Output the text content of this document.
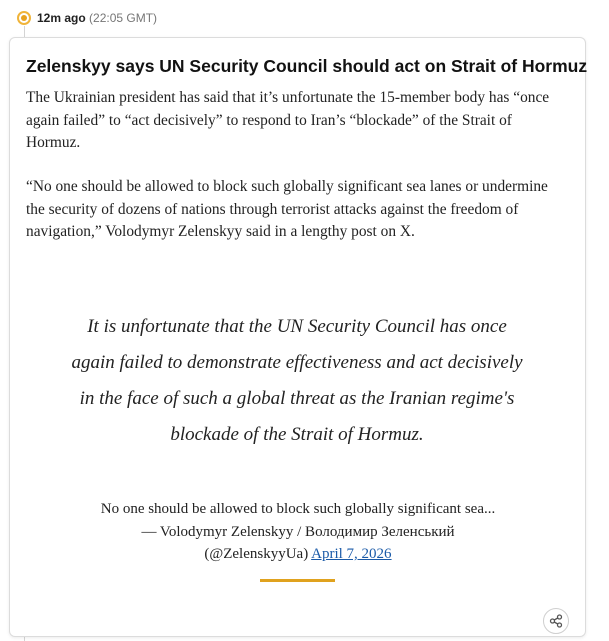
12m ago (22:05 GMT)
Zelenskyy says UN Security Council should act on Strait of Hormuz

The Ukrainian president has said that it’s unfortunate the 15-member body has “once again failed” to “act decisively” to respond to Iran’s “blockade” of the Strait of Hormuz.

“No one should be allowed to block such globally significant sea lanes or undermine the security of dozens of nations through terrorist attacks against the freedom of navigation,” Volodymyr Zelenskyy said in a lengthy post on X.

It is unfortunate that the UN Security Council has once again failed to demonstrate effectiveness and act decisively in the face of such a global threat as the Iranian regime's blockade of the Strait of Hormuz.
No one should be allowed to block such globally significant sea...
— Volodymyr Zelenskyy / Володимир Зеленський
(@ZelenskyyUa) April 7, 2026
